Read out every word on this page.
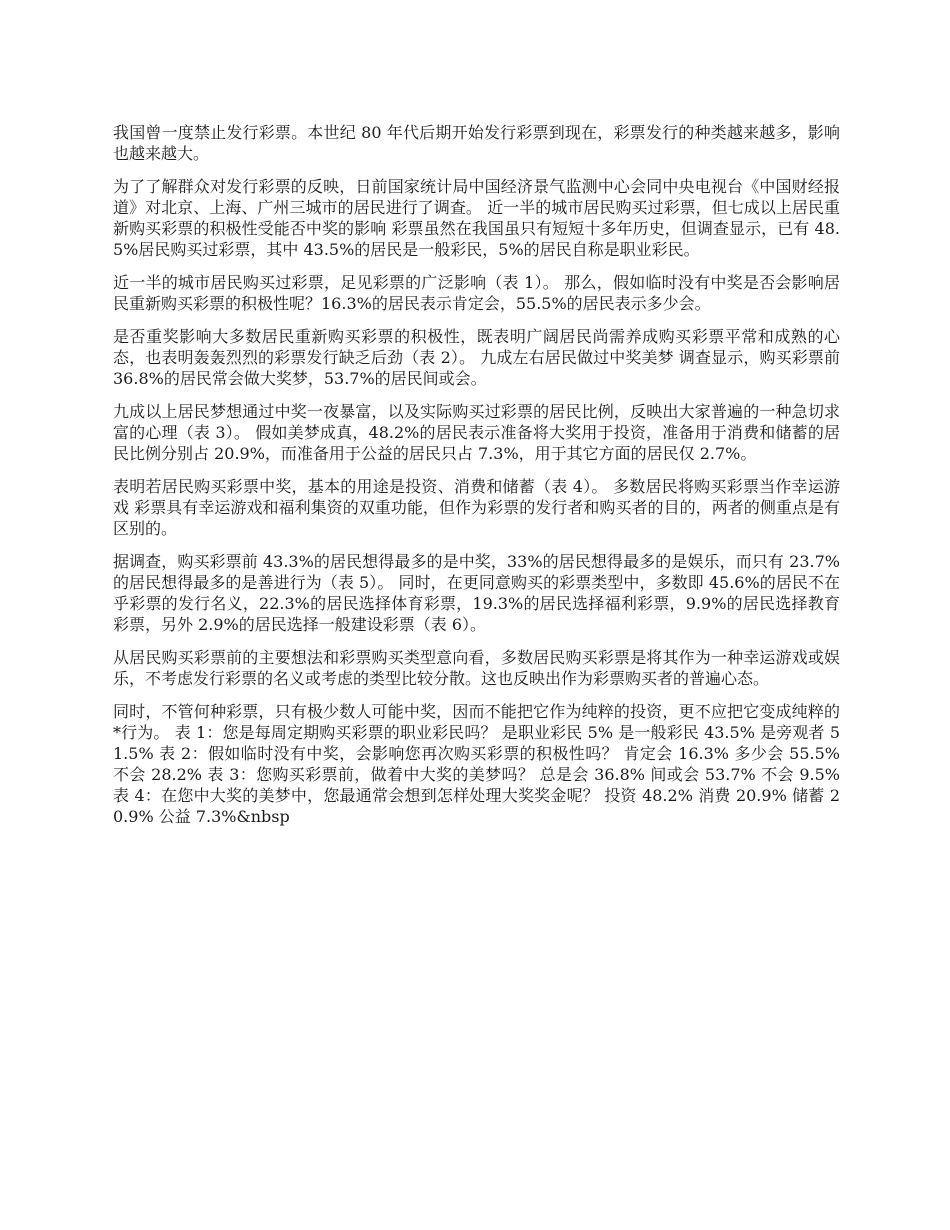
我国曾一度禁止发行彩票。本世纪 80 年代后期开始发行彩票到现在，彩票发行的种类越来越多，影响也越来越大。

为了了解群众对发行彩票的反映，日前国家统计局中国经济景气监测中心会同中央电视台《中国财经报道》对北京、上海、广州三城市的居民进行了调查。 近一半的城市居民购买过彩票，但七成以上居民重新购买彩票的积极性受能否中奖的影响 彩票虽然在我国虽只有短短十多年历史，但调查显示，已有 48.5%居民购买过彩票，其中 43.5%的居民是一般彩民，5%的居民自称是职业彩民。

近一半的城市居民购买过彩票，足见彩票的广泛影响（表 1）。 那么，假如临时没有中奖是否会影响居民重新购买彩票的积极性呢？16.3%的居民表示肯定会，55.5%的居民表示多少会。

是否重奖影响大多数居民重新购买彩票的积极性，既表明广阔居民尚需养成购买彩票平常和成熟的心态，也表明轰轰烈烈的彩票发行缺乏后劲（表 2）。 九成左右居民做过中奖美梦 调查显示，购买彩票前 36.8%的居民常会做大奖梦，53.7%的居民间或会。

九成以上居民梦想通过中奖一夜暴富，以及实际购买过彩票的居民比例，反映出大家普遍的一种急切求富的心理（表 3）。 假如美梦成真，48.2%的居民表示准备将大奖用于投资，准备用于消费和储蓄的居民比例分别占 20.9%，而准备用于公益的居民只占 7.3%，用于其它方面的居民仅 2.7%。

表明若居民购买彩票中奖，基本的用途是投资、消费和储蓄（表 4）。 多数居民将购买彩票当作幸运游戏 彩票具有幸运游戏和福利集资的双重功能，但作为彩票的发行者和购买者的目的，两者的侧重点是有区别的。

据调查，购买彩票前 43.3%的居民想得最多的是中奖，33%的居民想得最多的是娱乐，而只有 23.7%的居民想得最多的是善进行为（表 5）。 同时，在更同意购买的彩票类型中，多数即 45.6%的居民不在乎彩票的发行名义，22.3%的居民选择体育彩票，19.3%的居民选择福利彩票，9.9%的居民选择教育彩票，另外 2.9%的居民选择一般建设彩票（表 6）。

从居民购买彩票前的主要想法和彩票购买类型意向看，多数居民购买彩票是将其作为一种幸运游戏或娱乐，不考虑发行彩票的名义或考虑的类型比较分散。这也反映出作为彩票购买者的普遍心态。

同时，不管何种彩票，只有极少数人可能中奖，因而不能把它作为纯粹的投资，更不应把它变成纯粹的*行为。 表 1：您是每周定期购买彩票的职业彩民吗？ 是职业彩民 5% 是一般彩民 43.5% 是旁观者 51.5% 表 2：假如临时没有中奖，会影响您再次购买彩票的积极性吗？ 肯定会 16.3% 多少会 55.5% 不会 28.2% 表 3：您购买彩票前，做着中大奖的美梦吗？ 总是会 36.8% 间或会 53.7% 不会 9.5% 表 4：在您中大奖的美梦中，您最通常会想到怎样处理大奖奖金呢？ 投资 48.2% 消费 20.9% 储蓄 20.9% 公益 7.3%&nbsp
